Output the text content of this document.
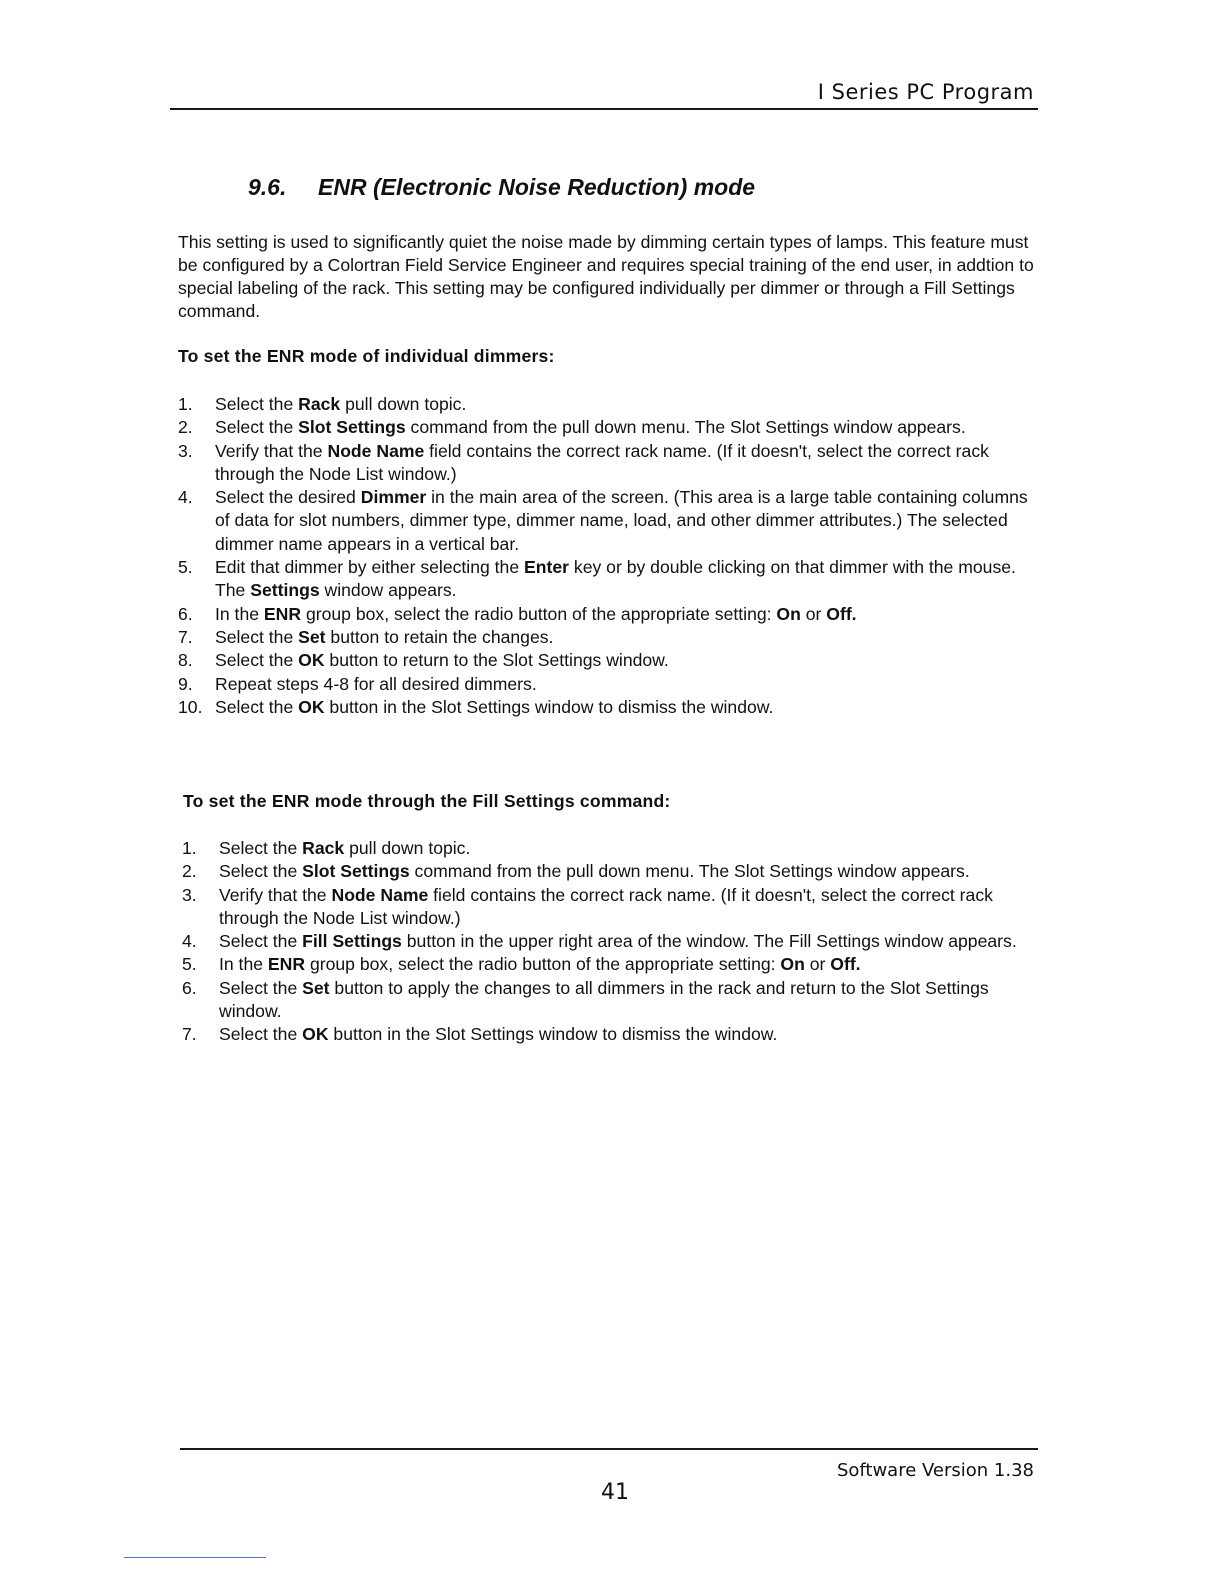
I Series PC Program
9.6. ENR (Electronic Noise Reduction) mode
This setting is used to significantly quiet the noise made by dimming certain types of lamps. This feature must be configured by a Colortran Field Service Engineer and requires special training of the end user, in addtion to special labeling of the rack. This setting may be configured individually per dimmer or through a Fill Settings command.
To set the ENR mode of individual dimmers:
1. Select the Rack pull down topic.
2. Select the Slot Settings command from the pull down menu. The Slot Settings window appears.
3. Verify that the Node Name field contains the correct rack name. (If it doesn't, select the correct rack through the Node List window.)
4. Select the desired Dimmer in the main area of the screen. (This area is a large table containing columns of data for slot numbers, dimmer type, dimmer name, load, and other dimmer attributes.) The selected dimmer name appears in a vertical bar.
5. Edit that dimmer by either selecting the Enter key or by double clicking on that dimmer with the mouse. The Settings window appears.
6. In the ENR group box, select the radio button of the appropriate setting: On or Off.
7. Select the Set button to retain the changes.
8. Select the OK button to return to the Slot Settings window.
9. Repeat steps 4-8 for all desired dimmers.
10. Select the OK button in the Slot Settings window to dismiss the window.
To set the ENR mode through the Fill Settings command:
1. Select the Rack pull down topic.
2. Select the Slot Settings command from the pull down menu. The Slot Settings window appears.
3. Verify that the Node Name field contains the correct rack name. (If it doesn't, select the correct rack through the Node List window.)
4. Select the Fill Settings button in the upper right area of the window. The Fill Settings window appears.
5. In the ENR group box, select the radio button of the appropriate setting: On or Off.
6. Select the Set button to apply the changes to all dimmers in the rack and return to the Slot Settings window.
7. Select the OK button in the Slot Settings window to dismiss the window.
Software Version 1.38
41
